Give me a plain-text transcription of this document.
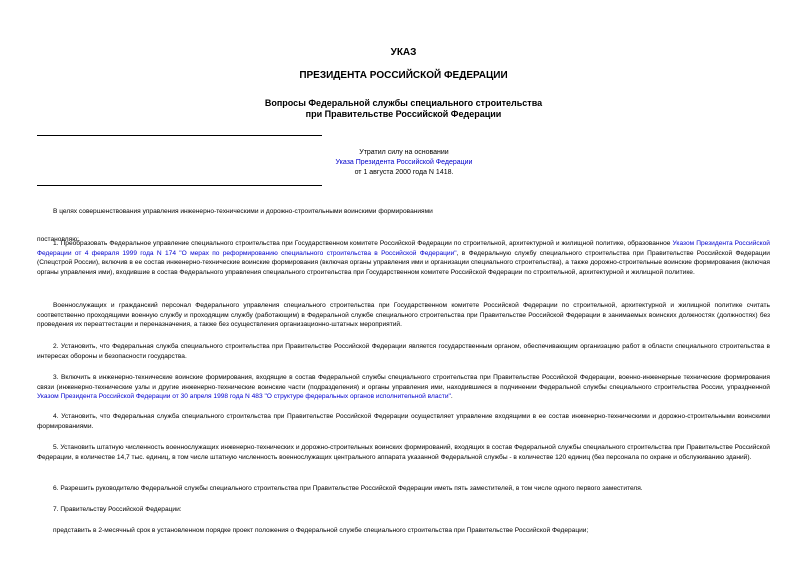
УКАЗ
ПРЕЗИДЕНТА РОССИЙСКОЙ ФЕДЕРАЦИИ
Вопросы Федеральной службы специального строительства
при Правительстве Российской Федерации
Утратил силу на основании
Указа Президента Российской Федерации
от 1 августа 2000 года N 1418.

В целях совершенствования управления инженерно-техническими и дорожно-строительными воинскими формированиями

постановляю:

1. Преобразовать Федеральное управление специального строительства при Государственном комитете Российской Федерации по строительной, архитектурной и жилищной политике, образованное Указом Президента Российской Федерации от 4 февраля 1999 года N 174 "О мерах по реформированию специального строительства в Российской Федерации", в Федеральную службу специального строительства при Правительстве Российской Федерации (Спецстрой России), включив в ее состав инженерно-технические воинские формирования (включая органы управления ими и организации специального строительства), а также дорожно-строительные воинские формирования (включая органы управления ими), входившие в состав Федерального управления специального строительства при Государственном комитете Российской Федерации по строительной, архитектурной и жилищной политике.

Военнослужащих и гражданский персонал Федерального управления специального строительства при Государственном комитете Российской Федерации по строительной, архитектурной и жилищной политике считать соответственно проходящими военную службу и проходящим службу (работающим) в Федеральной службе специального строительства при Правительстве Российской Федерации в занимаемых воинских должностях (должностях) без проведения их переаттестации и переназначения, а также без осуществления организационно-штатных мероприятий.

2. Установить, что Федеральная служба специального строительства при Правительстве Российской Федерации является государственным органом, обеспечивающим организацию работ в области специального строительства в интересах обороны и безопасности государства.

3. Включить в инженерно-технические воинские формирования, входящие в состав Федеральной службы специального строительства при Правительстве Российской Федерации, военно-инженерные технические формирования связи (инженерно-технические узлы и другие инженерно-технические воинские части (подразделения) и органы управления ими, находившиеся в подчинении Федеральной службы специального строительства России, упраздненной Указом Президента Российской Федерации от 30 апреля 1998 года N 483 "О структуре федеральных органов исполнительной власти".

4. Установить, что Федеральная служба специального строительства при Правительстве Российской Федерации осуществляет управление входящими в ее состав инженерно-техническими и дорожно-строительными воинскими формированиями.

5. Установить штатную численность военнослужащих инженерно-технических и дорожно-строительных воинских формирований, входящих в состав Федеральной службы специального строительства при Правительстве Российской Федерации, в количестве 14,7 тыс. единиц, в том числе штатную численность военнослужащих центрального аппарата указанной Федеральной службы - в количестве 120 единиц (без персонала по охране и обслуживанию зданий).

6. Разрешить руководителю Федеральной службы специального строительства при Правительстве Российской Федерации иметь пять заместителей, в том числе одного первого заместителя.

7. Правительству Российской Федерации:

представить в 2-месячный срок в установленном порядке проект положения о Федеральной службе специального строительства при Правительстве Российской Федерации;
